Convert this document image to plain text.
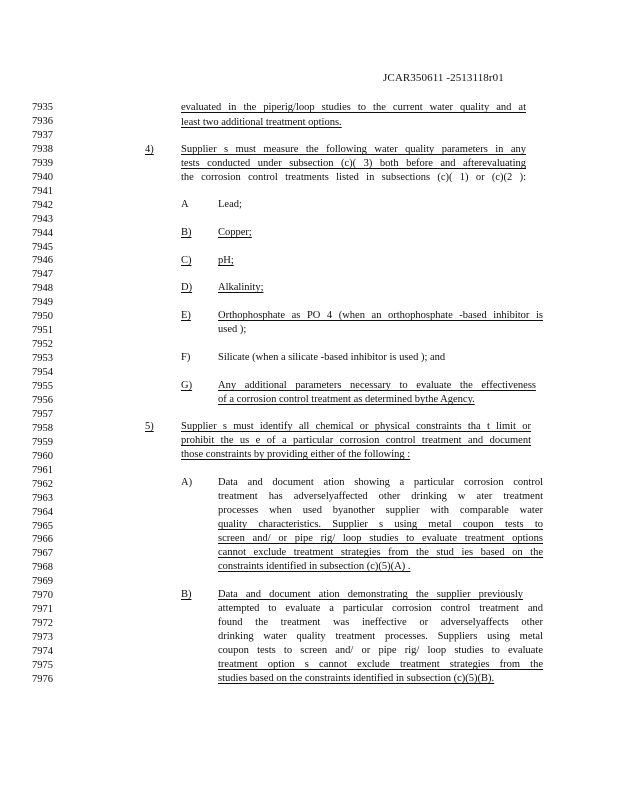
JCAR350611 -2513118r01
7935
7936
7937
7938
7939
7940
7941
7942
7943
7944
7945
7946
7947
7948
7949
7950
7951
7952
7953
7954
7955
7956
7957
7958
7959
7960
7961
7962
7963
7964
7965
7966
7967
7968
7969
7970
7971
7972
7973
7974
7975
7976
evaluated in the piperig/loop studies to the current water quality and at
least two additional treatment options.
4)	Supplier s must measure the following water quality parameters in any
tests conducted under subsection (c)( 3) both before and afterevaluating
the corrosion control treatments listed in subsections (c)( 1) or (c)(2 ):
A	Lead;
B)	Copper;
C)	pH;
D) Alkalinity;
E)	Orthophosphate as PO 4 (when an orthophosphate -based inhibitor is
used );
F)	Silicate (when a silicate -based inhibitor is used ); and
G) Any additional parameters necessary to evaluate the effectiveness
of a corrosion control treatment as determined bythe Agency.
5)	Supplier s must identify all chemical or physical constraints tha t limit or
prohibit the us e of a particular corrosion control treatment and document
those constraints by providing either of the following :
A) Data and document ation showing a particular corrosion control
treatment has adverselyaffected other drinking w ater treatment
processes when used byanother supplier with comparable water
quality characteristics. Supplier s using metal coupon tests to
screen and/ or pipe rig/ loop studies to evaluate treatment options
cannot exclude treatment strategies from the stud ies based on the
constraints identified in subsection (c)(5)(A) .
B)	Data and document ation demonstrating the supplier previously
attempted to evaluate a particular corrosion control treatment and
found the treatment was ineffective or adverselyaffects other
drinking water quality treatment processes. Suppliers using metal
coupon tests to screen and/ or pipe rig/ loop studies to evaluate
treatment option s cannot exclude treatment strategies from the
studies based on the constraints identified in subsection (c)(5)(B).
